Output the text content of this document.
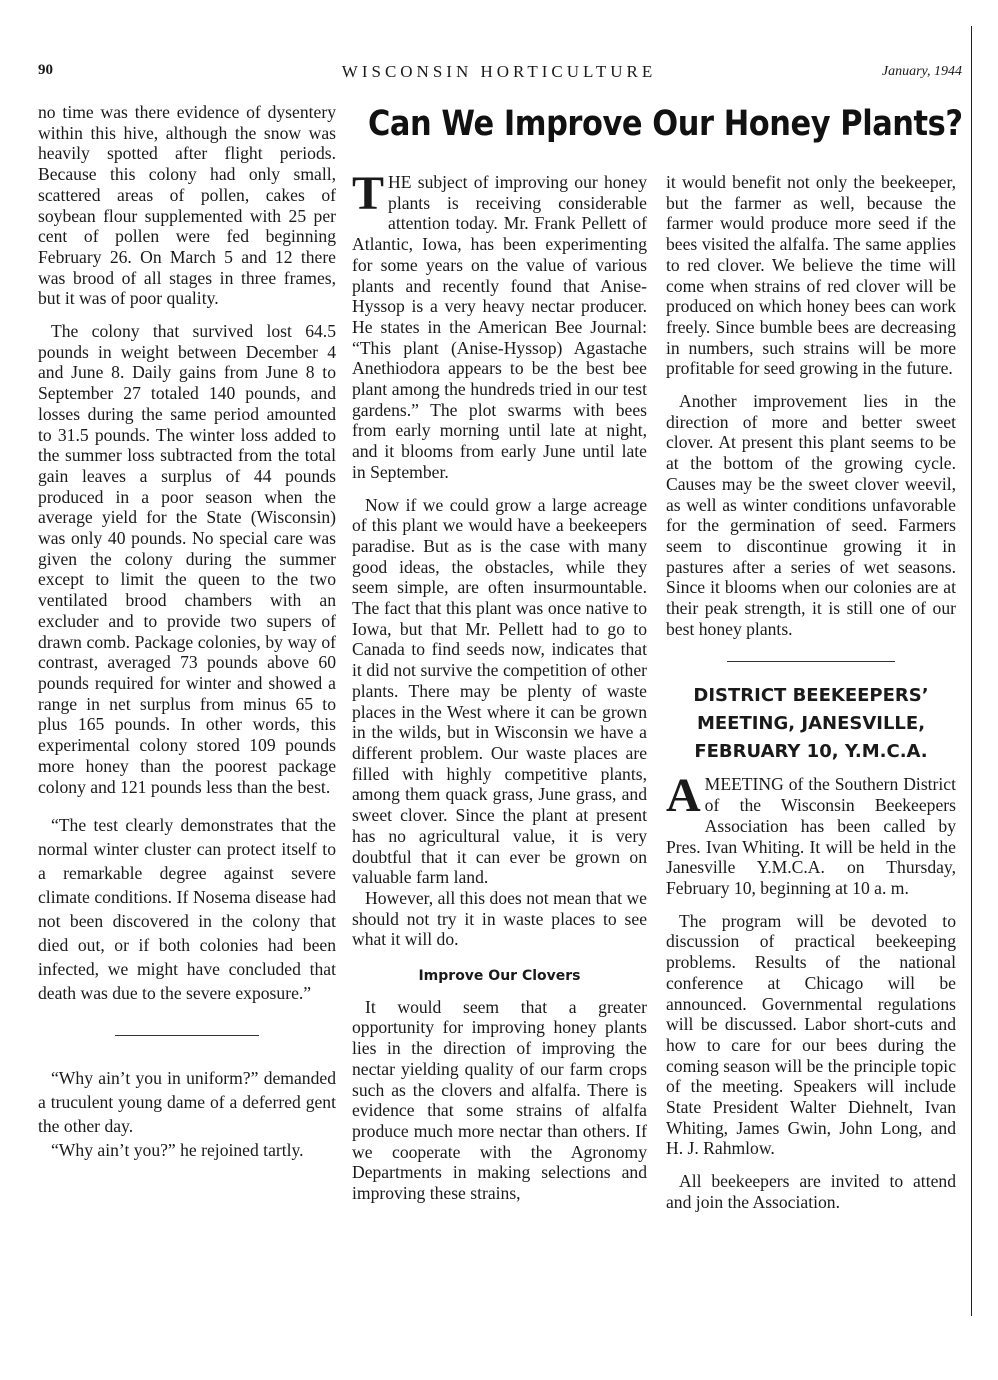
90	WISCONSIN HORTICULTURE	January, 1944

no time was there evidence of dysentery within this hive, although the snow was heavily spotted after flight periods. Because this colony had only small, scattered areas of pollen, cakes of soybean flour supplemented with 25 per cent of pollen were fed beginning February 26. On March 5 and 12 there was brood of all stages in three frames, but it was of poor quality.

The colony that survived lost 64.5 pounds in weight between December 4 and June 8. Daily gains from June 8 to September 27 totaled 140 pounds, and losses during the same period amounted to 31.5 pounds. The winter loss added to the summer loss subtracted from the total gain leaves a surplus of 44 pounds produced in a poor season when the average yield for the State (Wisconsin) was only 40 pounds. No special care was given the colony during the summer except to limit the queen to the two ventilated brood chambers with an excluder and to provide two supers of drawn comb. Package colonies, by way of contrast, averaged 73 pounds above 60 pounds required for winter and showed a range in net surplus from minus 65 to plus 165 pounds. In other words, this experimental colony stored 109 pounds more honey than the poorest package colony and 121 pounds less than the best.

“The test clearly demonstrates that the normal winter cluster can protect itself to a remarkable degree against severe climate conditions. If Nosema disease had not been discovered in the colony that died out, or if both colonies had been infected, we might have concluded that death was due to the severe exposure.”

“Why ain’t you in uniform?” demanded a truculent young dame of a deferred gent the other day.

“Why ain’t you?” he rejoined tartly.

Can We Improve Our Honey Plants?

THE subject of improving our honey plants is receiving considerable attention today. Mr. Frank Pellett of Atlantic, Iowa, has been experimenting for some years on the value of various plants and recently found that Anise-Hyssop is a very heavy nectar producer. He states in the American Bee Journal: “This plant (Anise-Hyssop) Agastache Anethiodora appears to be the best bee plant among the hundreds tried in our test gardens.” The plot swarms with bees from early morning until late at night, and it blooms from early June until late in September.

Now if we could grow a large acreage of this plant we would have a beekeepers paradise. But as is the case with many good ideas, the obstacles, while they seem simple, are often insurmountable. The fact that this plant was once native to Iowa, but that Mr. Pellett had to go to Canada to find seeds now, indicates that it did not survive the competition of other plants. There may be plenty of waste places in the West where it can be grown in the wilds, but in Wisconsin we have a different problem. Our waste places are filled with highly competitive plants, among them quack grass, June grass, and sweet clover. Since the plant at present has no agricultural value, it is very doubtful that it can ever be grown on valuable farm land.

However, all this does not mean that we should not try it in waste places to see what it will do.

Improve Our Clovers

It would seem that a greater opportunity for improving honey plants lies in the direction of improving the nectar yielding quality of our farm crops such as the clovers and alfalfa. There is evidence that some strains of alfalfa produce much more nectar than others. If we cooperate with the Agronomy Departments in making selections and improving these strains,

it would benefit not only the beekeeper, but the farmer as well, because the farmer would produce more seed if the bees visited the alfalfa. The same applies to red clover. We believe the time will come when strains of red clover will be produced on which honey bees can work freely. Since bumble bees are decreasing in numbers, such strains will be more profitable for seed growing in the future.

Another improvement lies in the direction of more and better sweet clover. At present this plant seems to be at the bottom of the growing cycle. Causes may be the sweet clover weevil, as well as winter conditions unfavorable for the germination of seed. Farmers seem to discontinue growing it in pastures after a series of wet seasons. Since it blooms when our colonies are at their peak strength, it is still one of our best honey plants.

DISTRICT BEEKEEPERS’
MEETING, JANESVILLE,
FEBRUARY 10, Y.M.C.A.

AMEETING of the Southern District of the Wisconsin Beekeepers Association has been called by Pres. Ivan Whiting. It will be held in the Janesville Y.M.C.A. on Thursday, February 10, beginning at 10 a. m.

The program will be devoted to discussion of practical beekeeping problems. Results of the national conference at Chicago will be announced. Governmental regulations will be discussed. Labor short-cuts and how to care for our bees during the coming season will be the principle topic of the meeting. Speakers will include State President Walter Diehnelt, Ivan Whiting, James Gwin, John Long, and H. J. Rahmlow.

All beekeepers are invited to attend and join the Association.
